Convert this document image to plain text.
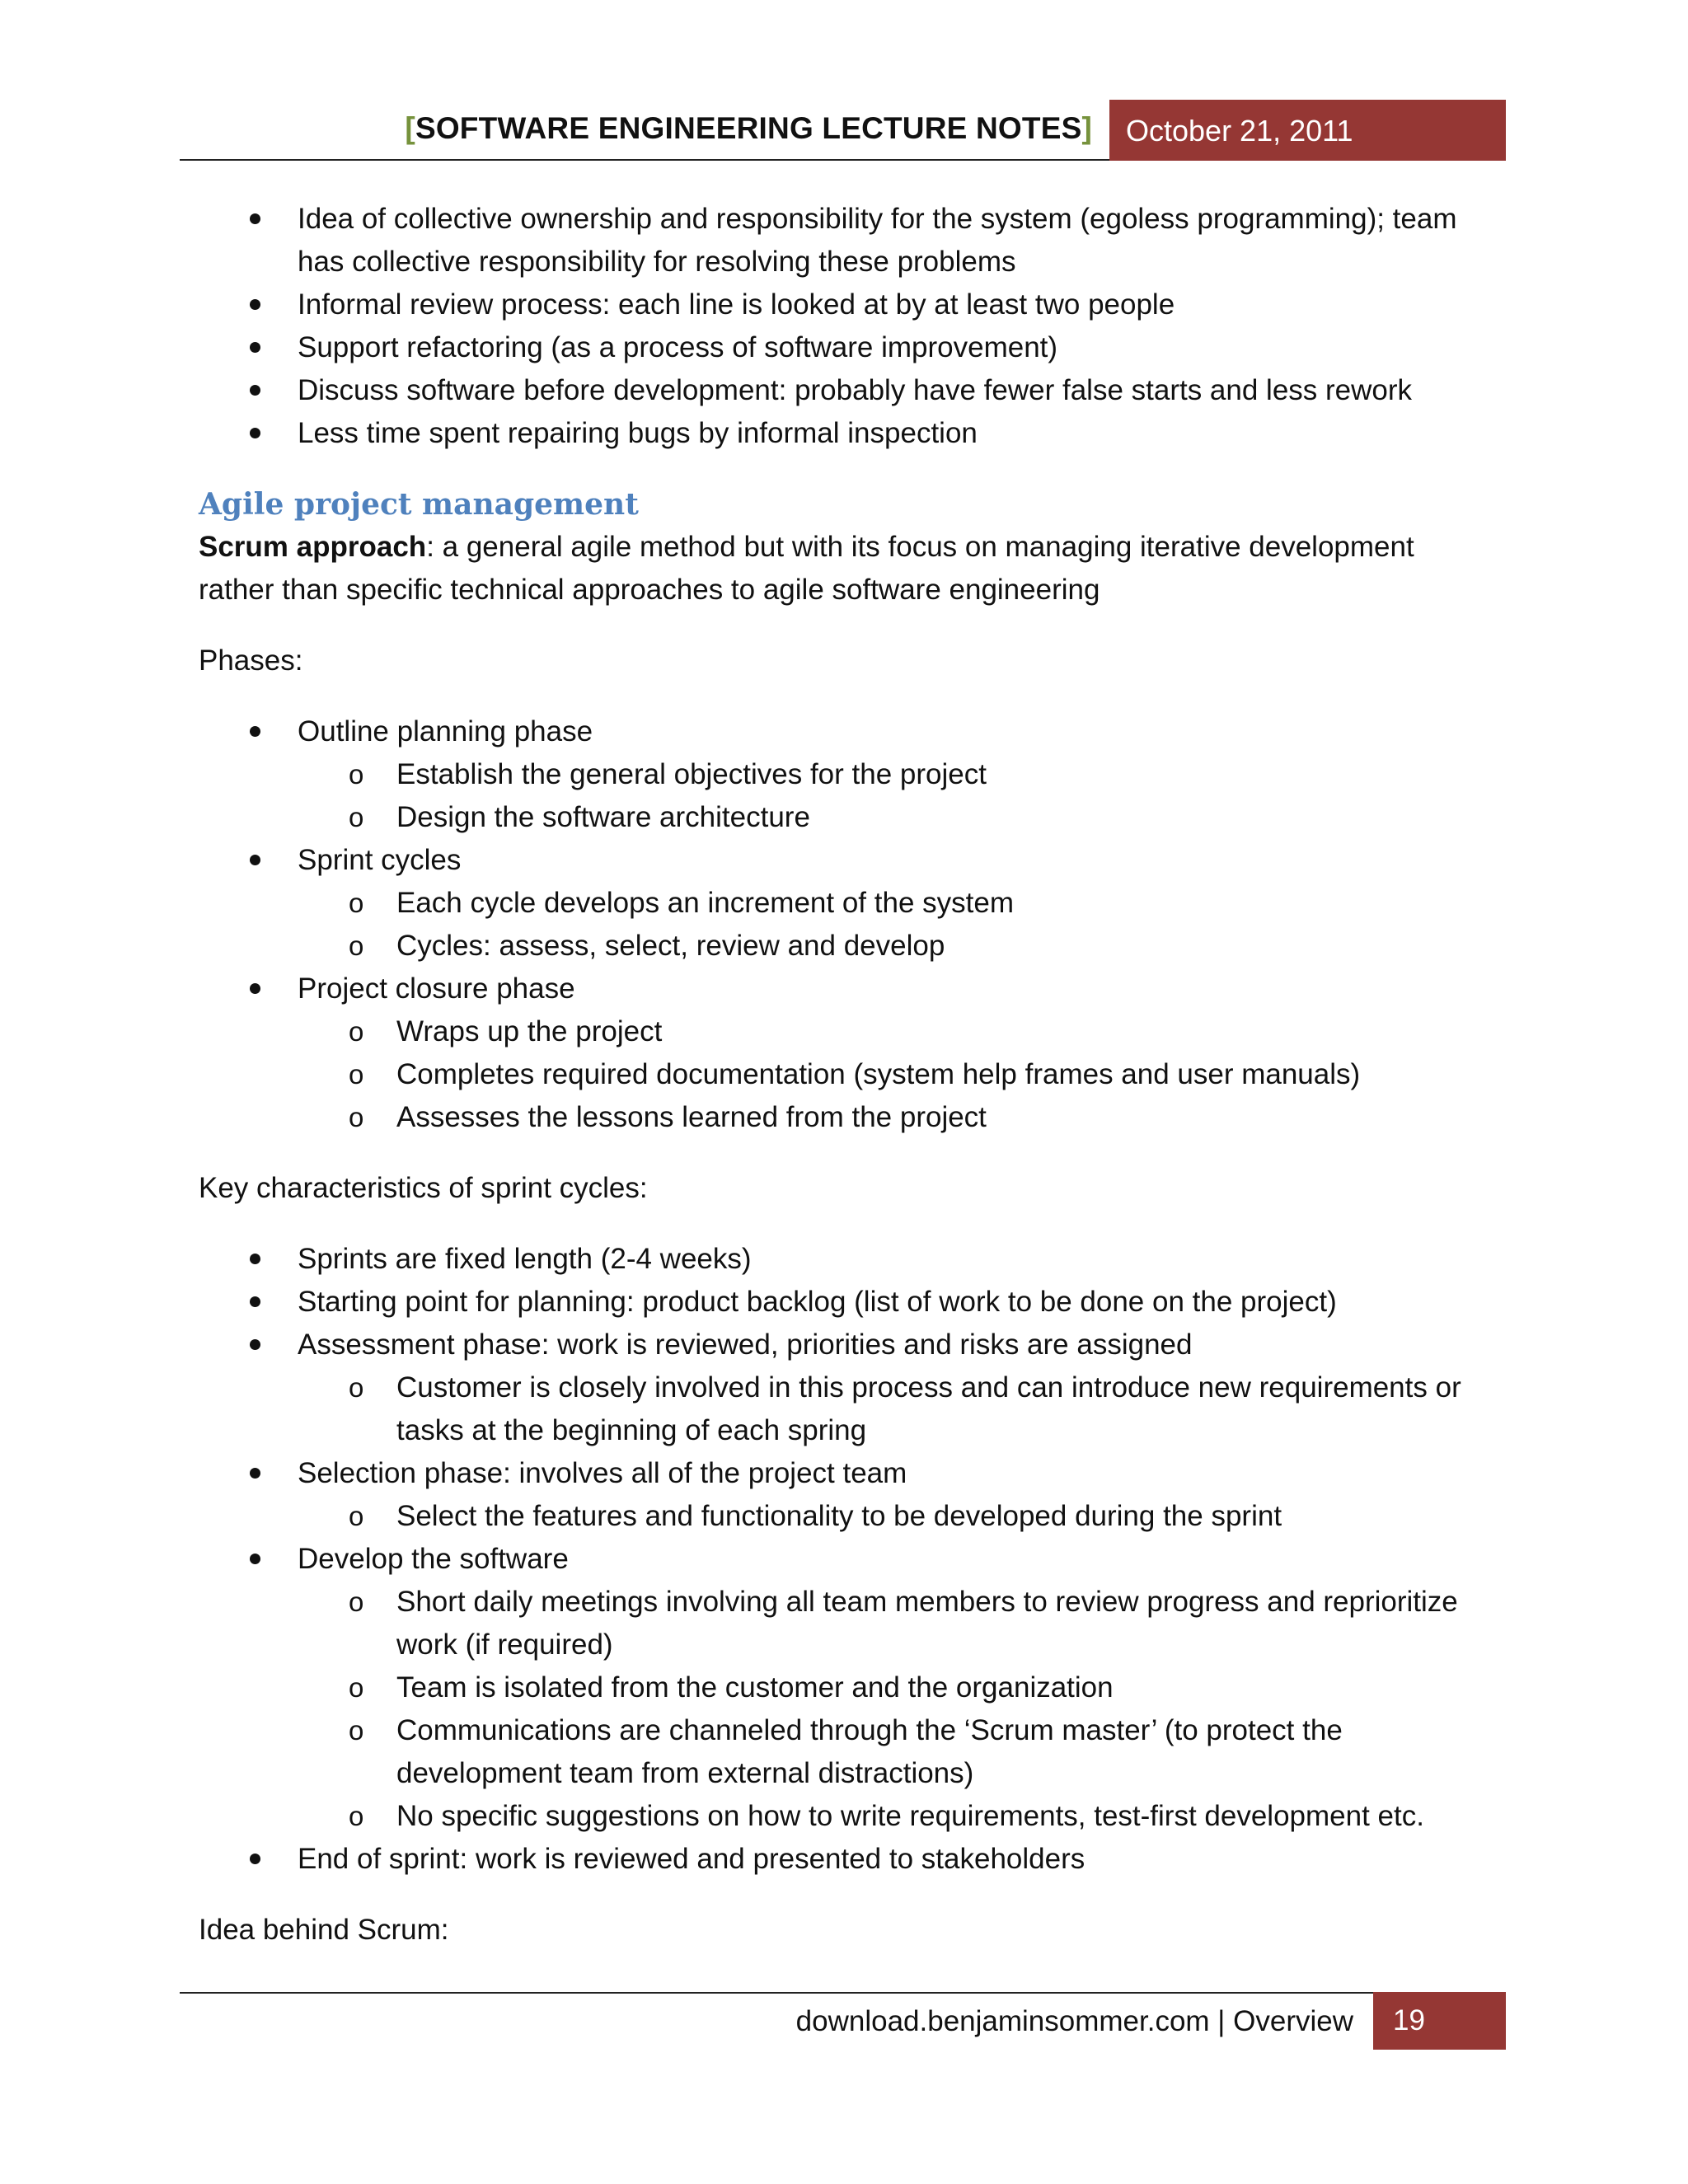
[SOFTWARE ENGINEERING LECTURE NOTES]	October 21, 2011
Idea of collective ownership and responsibility for the system (egoless programming); team has collective responsibility for resolving these problems
Informal review process: each line is looked at by at least two people
Support refactoring (as a process of software improvement)
Discuss software before development: probably have fewer false starts and less rework
Less time spent repairing bugs by informal inspection
Agile project management

Scrum approach: a general agile method but with its focus on managing iterative development rather than specific technical approaches to agile software engineering

Phases:

Outline planning phase
o Establish the general objectives for the project
o Design the software architecture
Sprint cycles
o Each cycle develops an increment of the system
o Cycles: assess, select, review and develop
Project closure phase
o Wraps up the project
o Completes required documentation (system help frames and user manuals)
o Assesses the lessons learned from the project

Key characteristics of sprint cycles:

Sprints are fixed length (2-4 weeks)
Starting point for planning: product backlog (list of work to be done on the project)
Assessment phase: work is reviewed, priorities and risks are assigned
o Customer is closely involved in this process and can introduce new requirements or tasks at the beginning of each spring
Selection phase: involves all of the project team
o Select the features and functionality to be developed during the sprint
Develop the software
o Short daily meetings involving all team members to review progress and reprioritize work (if required)
o Team is isolated from the customer and the organization
o Communications are channeled through the ‘Scrum master’ (to protect the development team from external distractions)
o No specific suggestions on how to write requirements, test-first development etc.
End of sprint: work is reviewed and presented to stakeholders

Idea behind Scrum:

download.benjaminsommer.com | Overview	19
